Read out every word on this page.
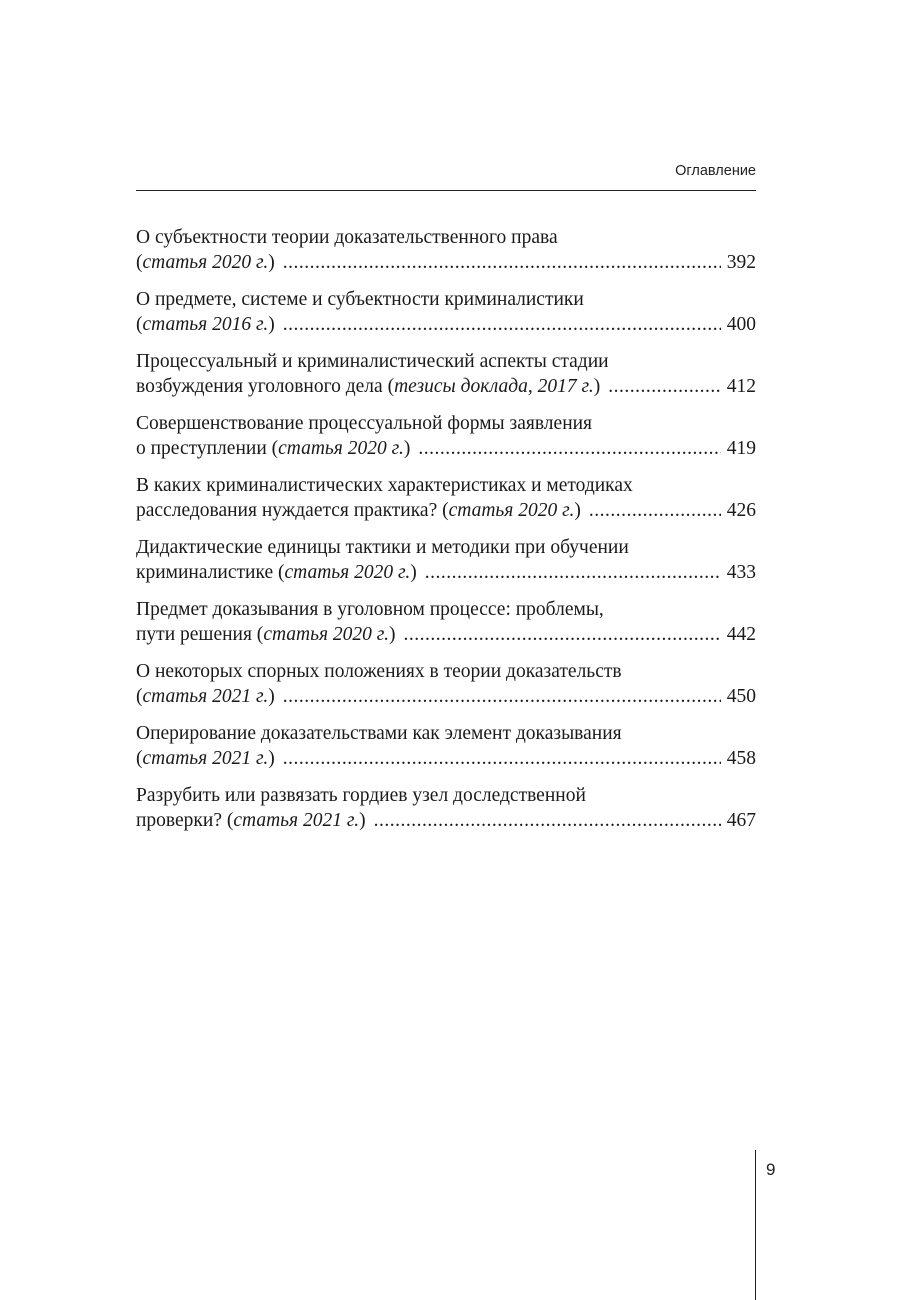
Оглавление
О субъектности теории доказательственного права
(статья 2020 г.) .....	392
О предмете, системе и субъектности криминалистики
(статья 2016 г.) .....	400
Процессуальный и криминалистический аспекты стадии
возбуждения уголовного дела (тезисы доклада, 2017 г.) .....	412
Совершенствование процессуальной формы заявления
о преступлении (статья 2020 г.) .....	419
В каких криминалистических характеристиках и методиках
расследования нуждается практика? (статья 2020 г.) .....	426
Дидактические единицы тактики и методики при обучении
криминалистике (статья 2020 г.) .....	433
Предмет доказывания в уголовном процессе: проблемы,
пути решения (статья 2020 г.) .....	442
О некоторых спорных положениях в теории доказательств
(статья 2021 г.) .....	450
Оперирование доказательствами как элемент доказывания
(статья 2021 г.) .....	458
Разрубить или развязать гордиев узел доследственной
проверки? (статья 2021 г.) .....	467
9
